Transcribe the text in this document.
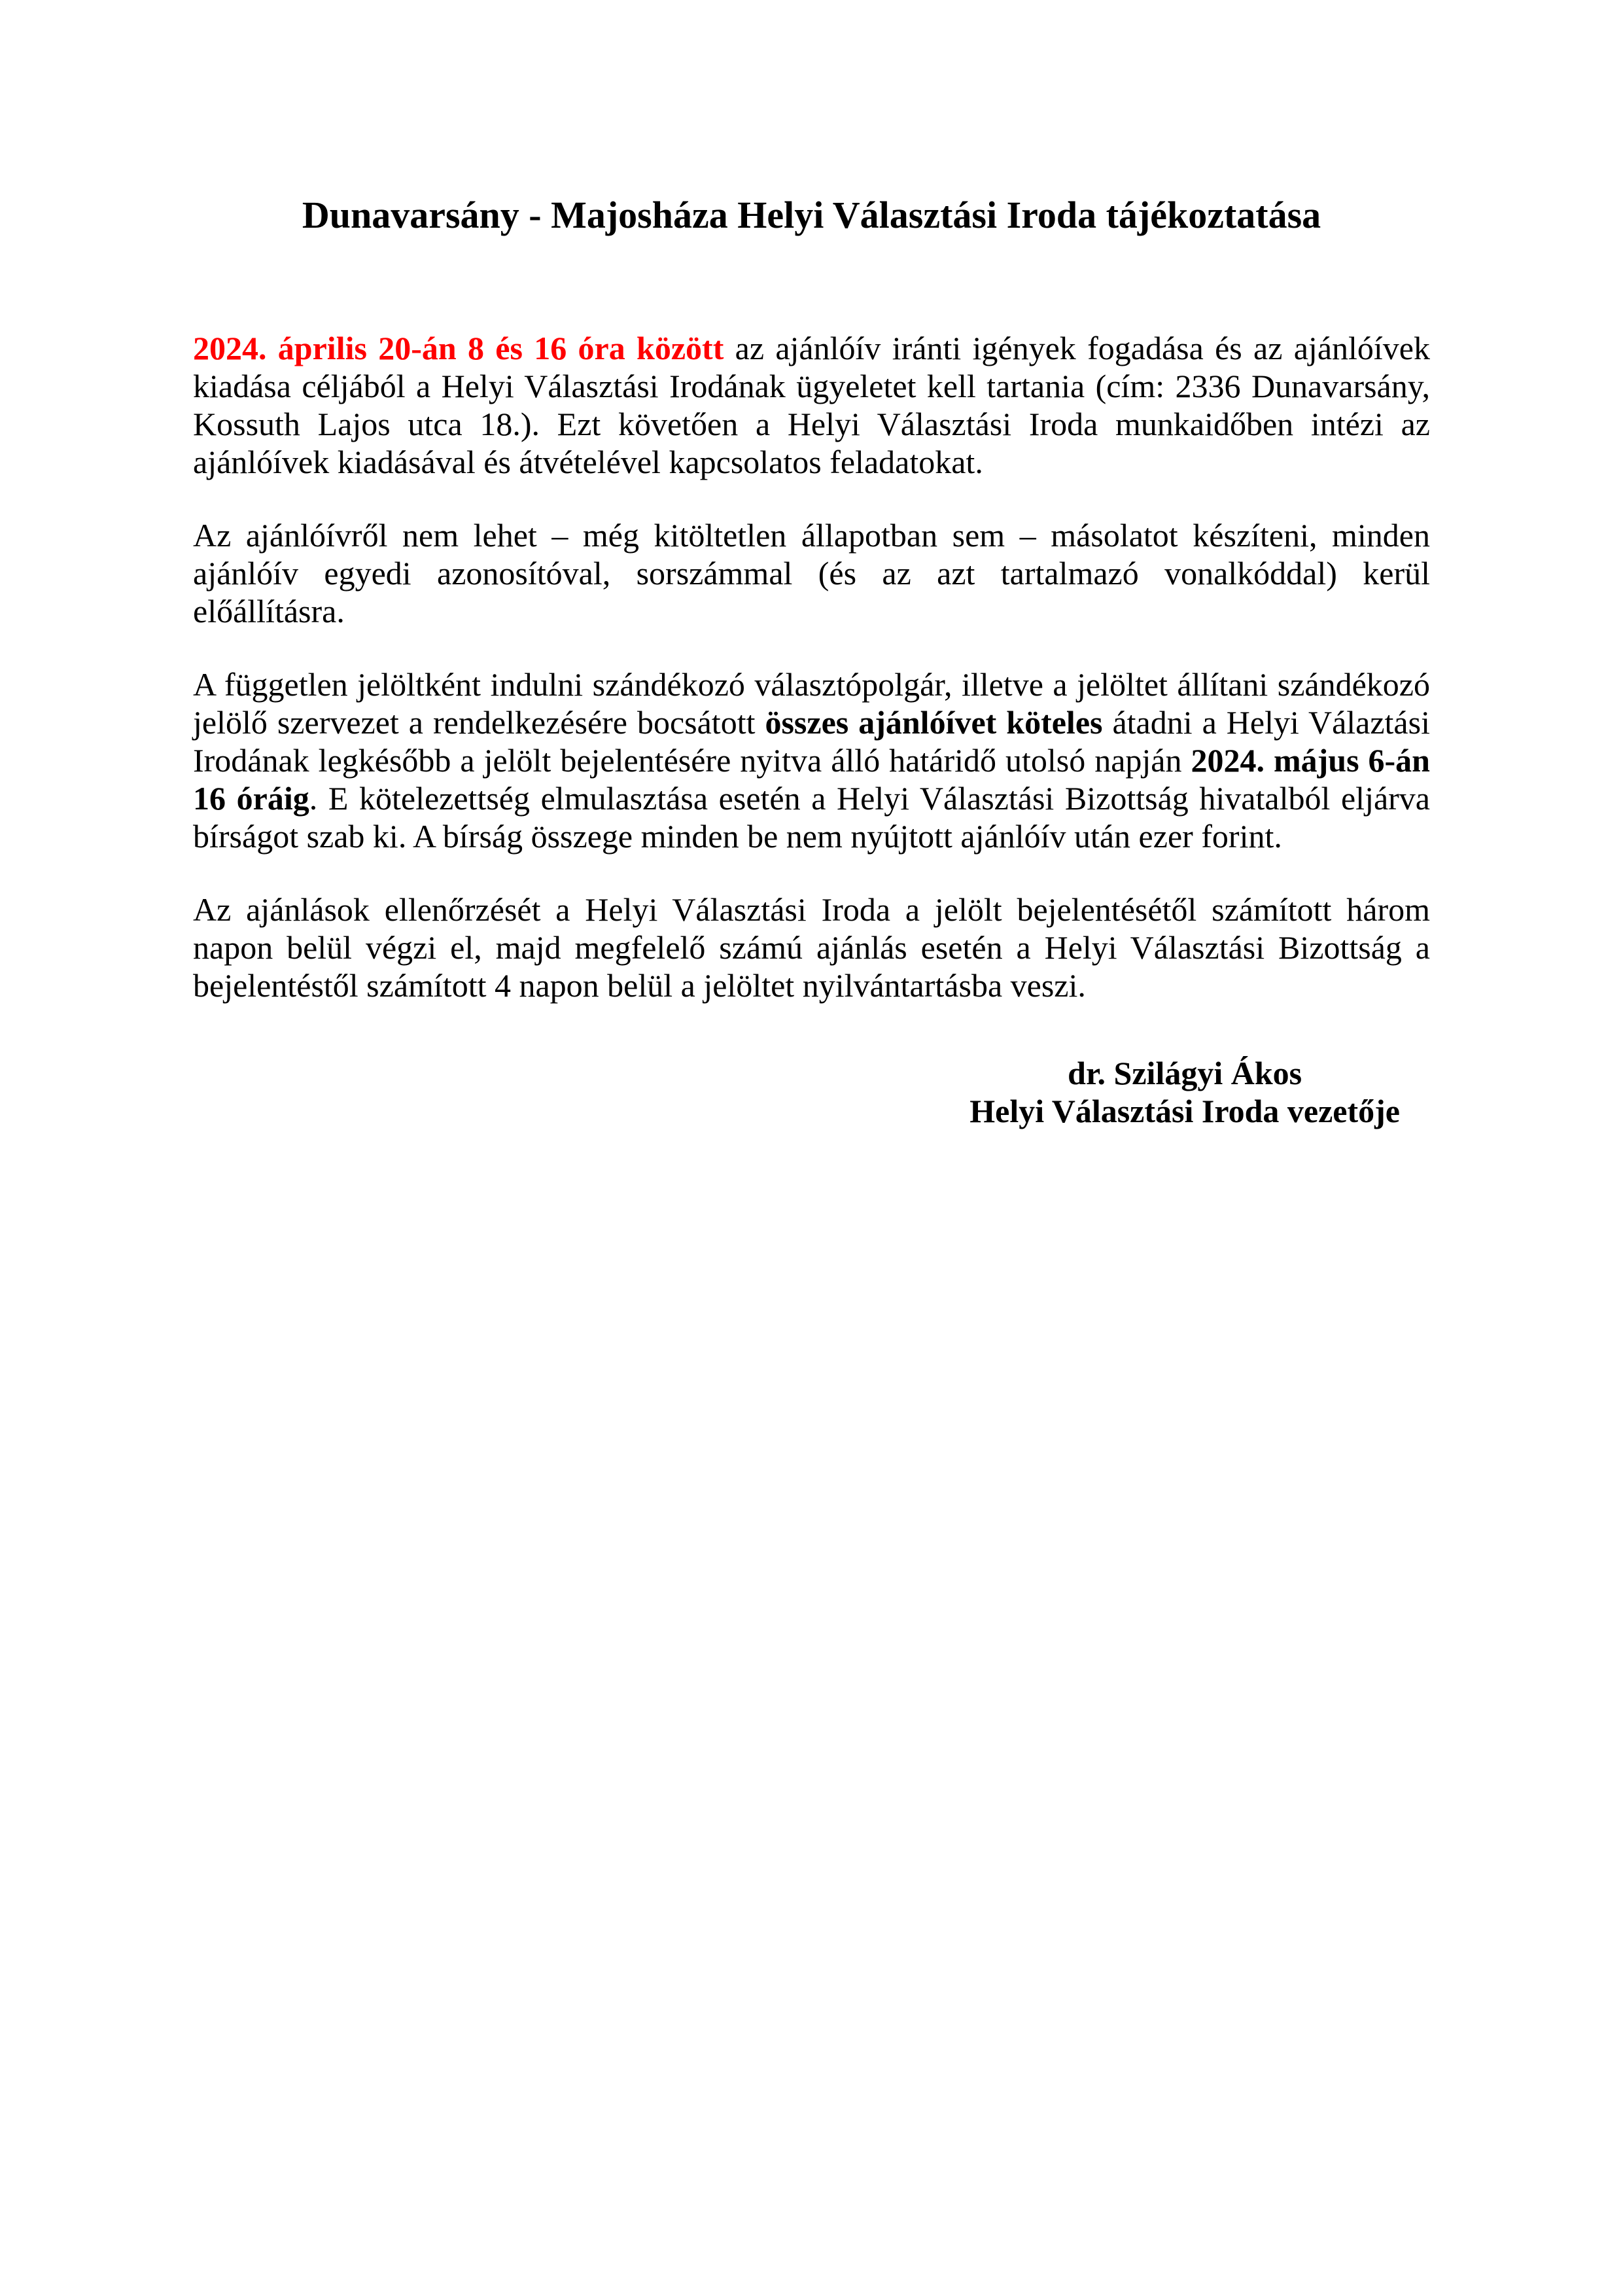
Dunavarsány - Majosháza Helyi Választási Iroda tájékoztatása

2024. április 20-án 8 és 16 óra között az ajánlóív iránti igények fogadása és az ajánlóívek kiadása céljából a Helyi Választási Irodának ügyeletet kell tartania (cím: 2336 Dunavarsány, Kossuth Lajos utca 18.). Ezt követően a Helyi Választási Iroda munkaidőben intézi az ajánlóívek kiadásával és átvételével kapcsolatos feladatokat.

Az ajánlóívről nem lehet – még kitöltetlen állapotban sem – másolatot készíteni, minden ajánlóív egyedi azonosítóval, sorszámmal (és az azt tartalmazó vonalkóddal) kerül előállításra.

A független jelöltként indulni szándékozó választópolgár, illetve a jelöltet állítani szándékozó jelölő szervezet a rendelkezésére bocsátott összes ajánlóívet köteles átadni a Helyi Válaztási Irodának legkésőbb a jelölt bejelentésére nyitva álló határidő utolsó napján 2024. május 6-án 16 óráig. E kötelezettség elmulasztása esetén a Helyi Választási Bizottság hivatalból eljárva bírságot szab ki. A bírság összege minden be nem nyújtott ajánlóív után ezer forint.

Az ajánlások ellenőrzését a Helyi Választási Iroda a jelölt bejelentésétől számított három napon belül végzi el, majd megfelelő számú ajánlás esetén a Helyi Választási Bizottság a bejelentéstől számított 4 napon belül a jelöltet nyilvántartásba veszi.

dr. Szilágyi Ákos
Helyi Választási Iroda vezetője
